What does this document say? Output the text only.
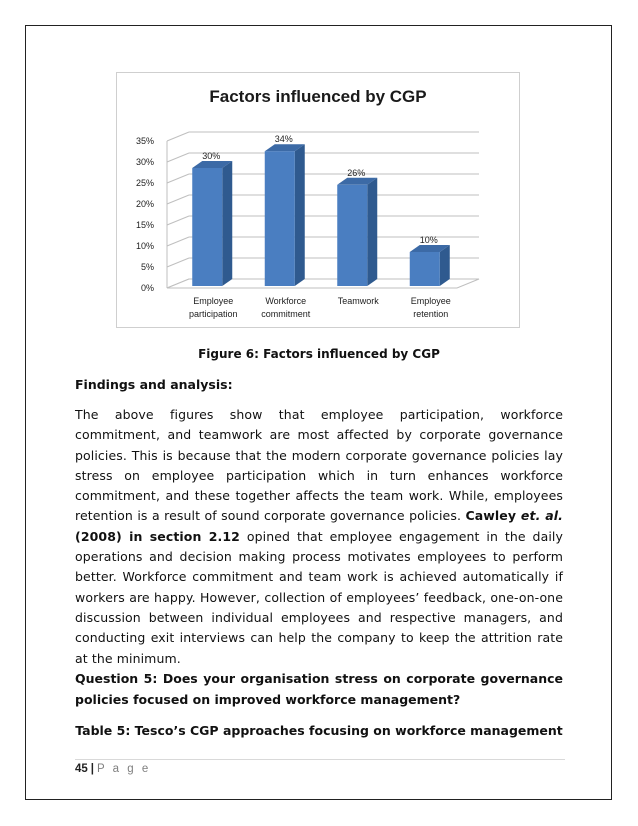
Factors influenced by CGP
0%
5%
10%
15%
20%
25%
30%
35%
30%
Employee
participation
34%
Workforce
commitment
26%
Teamwork
10%
Employee
retention
Figure 6: Factors influenced by CGP
Findings and analysis:
The above figures show that employee participation, workforce commitment, and teamwork are most affected by corporate governance policies. This is because that the modern corporate governance policies lay stress on employee participation which in turn enhances workforce commitment, and these together affects the team work. While, employees retention is a result of sound corporate governance policies. Cawley et. al. (2008) in section 2.12 opined that employee engagement in the daily operations and decision making process motivates employees to perform better. Workforce commitment and team work is achieved automatically if workers are happy. However, collection of employees’ feedback, one-on-one discussion between individual employees and respective managers, and conducting exit interviews can help the company to keep the attrition rate at the minimum.
Question 5: Does your organisation stress on corporate governance policies focused on improved workforce management?
Table 5: Tesco’s CGP approaches focusing on workforce management
45 | P a g e
